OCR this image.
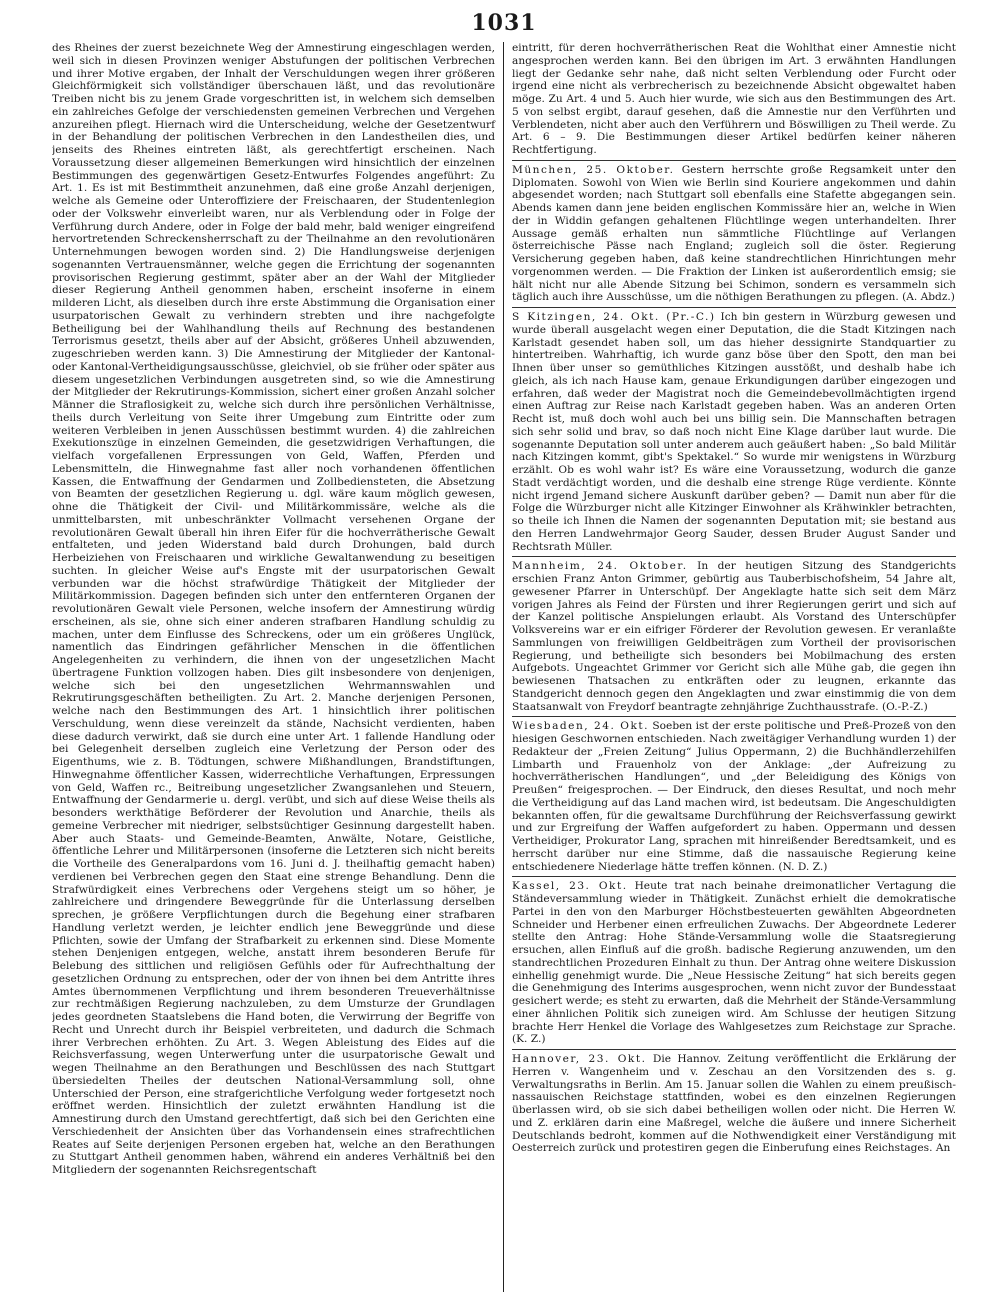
1031

des Rheines der zuerst bezeichnete Weg der Amnestirung eingeschlagen werden, weil sich in diesen Provinzen weniger Abstufungen der politischen Verbrechen und ihrer Motive ergaben, der Inhalt der Verschuldungen wegen ihrer größeren Gleichförmigkeit sich vollständiger überschauen läßt, und das revolutionäre Treiben nicht bis zu jenem Grade vorgeschritten ist, in welchem sich demselben ein zahlreiches Gefolge der verschiedensten gemeinen Verbrechen und Vergehen anzureihen pflegt. Hiernach wird die Unterscheidung, welche der Gesetzentwurf in der Behandlung der politischen Verbrechen in den Landestheilen dies, und jenseits des Rheines eintreten läßt, als gerechtfertigt erscheinen. Nach Voraussetzung dieser allgemeinen Bemerkungen wird hinsichtlich der einzelnen Bestimmungen des gegenwärtigen Gesetz-Entwurfes Folgendes angeführt: Zu Art. 1. Es ist mit Bestimmtheit anzunehmen, daß eine große Anzahl derjenigen, welche als Gemeine oder Unteroffiziere der Freischaaren, der Studentenlegion oder der Volkswehr einverleibt waren, nur als Verblendung oder in Folge der Verführung durch Andere, oder in Folge der bald mehr, bald weniger eingreifend hervortretenden Schreckensherrschaft zu der Theilnahme an den revolutionären Unternehmungen bewogen worden sind. 2) Die Handlungsweise derjenigen sogenannten Vertrauensmänner, welche gegen die Errichtung der sogenannten provisorischen Regierung gestimmt, später aber an der Wahl der Mitglieder dieser Regierung Antheil genommen haben, erscheint insoferne in einem milderen Licht, als dieselben durch ihre erste Abstimmung die Organisation einer usurpatorischen Gewalt zu verhindern strebten und ihre nachgefolgte Betheiligung bei der Wahlhandlung theils auf Rechnung des bestandenen Terrorismus gesetzt, theils aber auf der Absicht, größeres Unheil abzuwenden, zugeschrieben werden kann. 3) Die Amnestirung der Mitglieder der Kantonal- oder Kantonal-Vertheidigungsausschüsse, gleichviel, ob sie früher oder später aus diesem ungesetzlichen Verbindungen ausgetreten sind, so wie die Amnestirung der Mitglieder der Rekrutirungs-Kommission, sichert einer großen Anzahl solcher Männer die Straflosigkeit zu, welche sich durch ihre persönlichen Verhältnisse, theils durch Verleitung von Seite ihrer Umgebung zum Eintritte oder zum weiteren Verbleiben in jenen Ausschüssen bestimmt wurden. 4) die zahlreichen Exekutionszüge in einzelnen Gemeinden, die gesetzwidrigen Verhaftungen, die vielfach vorgefallenen Erpressungen von Geld, Waffen, Pferden und Lebensmitteln, die Hinwegnahme fast aller noch vorhandenen öffentlichen Kassen, die Entwaffnung der Gendarmen und Zollbediensteten, die Absetzung von Beamten der gesetzlichen Regierung u. dgl. wäre kaum möglich gewesen, ohne die Thätigkeit der Civil- und Militärkommissäre, welche als die unmittelbarsten, mit unbeschränkter Vollmacht versehenen Organe der revolutionären Gewalt überall hin ihren Eifer für die hochverrätherische Gewalt entfalteten, und jeden Widerstand bald durch Drohungen, bald durch Herbeiziehen von Freischaaren und wirkliche Gewaltanwendung zu beseitigen suchten. In gleicher Weise auf's Engste mit der usurpatorischen Gewalt verbunden war die höchst strafwürdige Thätigkeit der Mitglieder der Militärkommission. Dagegen befinden sich unter den entfernteren Organen der revolutionären Gewalt viele Personen, welche insofern der Amnestirung würdig erscheinen, als sie, ohne sich einer anderen strafbaren Handlung schuldig zu machen, unter dem Einflusse des Schreckens, oder um ein größeres Unglück, namentlich das Eindringen gefährlicher Menschen in die öffentlichen Angelegenheiten zu verhindern, die ihnen von der ungesetzlichen Macht übertragene Funktion vollzogen haben. Dies gilt insbesondere von denjenigen, welche sich bei den ungesetzlichen Wehrmannswahlen und Rekrutirungsgeschäften betheiligten. Zu Art. 2. Manche derjenigen Personen, welche nach den Bestimmungen des Art. 1 hinsichtlich ihrer politischen Verschuldung, wenn diese vereinzelt da stände, Nachsicht verdienten, haben diese dadurch verwirkt, daß sie durch eine unter Art. 1 fallende Handlung oder bei Gelegenheit derselben zugleich eine Verletzung der Person oder des Eigenthums, wie z. B. Tödtungen, schwere Mißhandlungen, Brandstiftungen, Hinwegnahme öffentlicher Kassen, widerrechtliche Verhaftungen, Erpressungen von Geld, Waffen rc., Beitreibung ungesetzlicher Zwangsanlehen und Steuern, Entwaffnung der Gendarmerie u. dergl. verübt, und sich auf diese Weise theils als besonders werkthätige Beförderer der Revolution und Anarchie, theils als gemeine Verbrecher mit niedriger, selbstsüchtiger Gesinnung dargestellt haben. Aber auch Staats- und Gemeinde-Beamten, Anwälte, Notare, Geistliche, öffentliche Lehrer und Militärpersonen (insoferne die Letzteren sich nicht bereits die Vortheile des Generalpardons vom 16. Juni d. J. theilhaftig gemacht haben) verdienen bei Verbrechen gegen den Staat eine strenge Behandlung. Denn die Strafwürdigkeit eines Verbrechens oder Vergehens steigt um so höher, je zahlreichere und dringendere Beweggründe für die Unterlassung derselben sprechen, je größere Verpflichtungen durch die Begehung einer strafbaren Handlung verletzt werden, je leichter endlich jene Beweggründe und diese Pflichten, sowie der Umfang der Strafbarkeit zu erkennen sind. Diese Momente stehen Denjenigen entgegen, welche, anstatt ihrem besonderen Berufe für Belebung des sittlichen und religiösen Gefühls oder für Aufrechthaltung der gesetzlichen Ordnung zu entsprechen, oder der von ihnen bei dem Antritte ihres Amtes übernommenen Verpflichtung und ihrem besonderen Treueverhältnisse zur rechtmäßigen Regierung nachzuleben, zu dem Umsturze der Grundlagen jedes geordneten Staatslebens die Hand boten, die Verwirrung der Begriffe von Recht und Unrecht durch ihr Beispiel verbreiteten, und dadurch die Schmach ihrer Verbrechen erhöhten. Zu Art. 3. Wegen Ableistung des Eides auf die Reichsverfassung, wegen Unterwerfung unter die usurpatorische Gewalt und wegen Theilnahme an den Berathungen und Beschlüssen des nach Stuttgart übersiedelten Theiles der deutschen National-Versammlung soll, ohne Unterschied der Person, eine strafgerichtliche Verfolgung weder fortgesetzt noch eröffnet werden. Hinsichtlich der zuletzt erwähnten Handlung ist die Amnestirung durch den Umstand gerechtfertigt, daß sich bei den Gerichten eine Verschiedenheit der Ansichten über das Vorhandensein eines strafrechtlichen Reates auf Seite derjenigen Personen ergeben hat, welche an den Berathungen zu Stuttgart Antheil genommen haben, während ein anderes Verhältniß bei den Mitgliedern der sogenannten Reichsregentschaft

eintritt, für deren hochverrätherischen Reat die Wohlthat einer Amnestie nicht angesprochen werden kann. Bei den übrigen im Art. 3 erwähnten Handlungen liegt der Gedanke sehr nahe, daß nicht selten Verblendung oder Furcht oder irgend eine nicht als verbrecherisch zu bezeichnende Absicht obgewaltet haben möge. Zu Art. 4 und 5. Auch hier wurde, wie sich aus den Bestimmungen des Art. 5 von selbst ergibt, darauf gesehen, daß die Amnestie nur den Verführten und Verblendeten, nicht aber auch den Verführern und Böswilligen zu Theil werde. Zu Art. 6 – 9. Die Bestimmungen dieser Artikel bedürfen keiner näheren Rechtfertigung.

München, 25. Oktober. Gestern herrschte große Regsamkeit unter den Diplomaten. Sowohl von Wien wie Berlin sind Kouriere angekommen und dahin abgesendet worden; nach Stuttgart soll ebenfalls eine Stafette abgegangen sein. Abends kamen dann jene beiden englischen Kommissäre hier an, welche in Wien der in Widdin gefangen gehaltenen Flüchtlinge wegen unterhandelten. Ihrer Aussage gemäß erhalten nun sämmtliche Flüchtlinge auf Verlangen österreichische Pässe nach England; zugleich soll die öster. Regierung Versicherung gegeben haben, daß keine standrechtlichen Hinrichtungen mehr vorgenommen werden. — Die Fraktion der Linken ist außerordentlich emsig; sie hält nicht nur alle Abende Sitzung bei Schimon, sondern es versammeln sich täglich auch ihre Ausschüsse, um die nöthigen Berathungen zu pflegen. (A. Abdz.)

S Kitzingen, 24. Okt. (Pr.-C.) Ich bin gestern in Würzburg gewesen und wurde überall ausgelacht wegen einer Deputation, die die Stadt Kitzingen nach Karlstadt gesendet haben soll, um das hieher dessignirte Standquartier zu hintertreiben. Wahrhaftig, ich wurde ganz böse über den Spott, den man bei Ihnen über unser so gemüthliches Kitzingen ausstößt, und deshalb habe ich gleich, als ich nach Hause kam, genaue Erkundigungen darüber eingezogen und erfahren, daß weder der Magistrat noch die Gemeindebevollmächtigten irgend einen Auftrag zur Reise nach Karlstadt gegeben haben. Was an anderen Orten Recht ist, muß doch wohl auch bei uns billig sein. Die Mannschaften betragen sich sehr solid und brav, so daß noch nicht Eine Klage darüber laut wurde. Die sogenannte Deputation soll unter anderem auch geäußert haben: „So bald Militär nach Kitzingen kommt, gibt's Spektakel.“ So wurde mir wenigstens in Würzburg erzählt. Ob es wohl wahr ist? Es wäre eine Voraussetzung, wodurch die ganze Stadt verdächtigt worden, und die deshalb eine strenge Rüge verdiente. Könnte nicht irgend Jemand sichere Auskunft darüber geben? — Damit nun aber für die Folge die Würzburger nicht alle Kitzinger Einwohner als Krähwinkler betrachten, so theile ich Ihnen die Namen der sogenannten Deputation mit; sie bestand aus den Herren Landwehrmajor Georg Sauder, dessen Bruder August Sander und Rechtsrath Müller.

Mannheim, 24. Oktober. In der heutigen Sitzung des Standgerichts erschien Franz Anton Grimmer, gebürtig aus Tauberbischofsheim, 54 Jahre alt, gewesener Pfarrer in Unterschüpf. Der Angeklagte hatte sich seit dem März vorigen Jahres als Feind der Fürsten und ihrer Regierungen gerirt und sich auf der Kanzel politische Anspielungen erlaubt. Als Vorstand des Unterschüpfer Volksvereins war er ein eifriger Förderer der Revolution gewesen. Er veranlaßte Sammlungen von freiwilligen Geldbeiträgen zum Vortheil der provisorischen Regierung, und betheiligte sich besonders bei Mobilmachung des ersten Aufgebots. Ungeachtet Grimmer vor Gericht sich alle Mühe gab, die gegen ihn bewiesenen Thatsachen zu entkräften oder zu leugnen, erkannte das Standgericht dennoch gegen den Angeklagten und zwar einstimmig die von dem Staatsanwalt von Freydorf beantragte zehnjährige Zuchthausstrafe. (O.-P.-Z.)

Wiesbaden, 24. Okt. Soeben ist der erste politische und Preß-Prozeß von den hiesigen Geschwornen entschieden. Nach zweitägiger Verhandlung wurden 1) der Redakteur der „Freien Zeitung“ Julius Oppermann, 2) die Buchhändlerzehilfen Limbarth und Frauenholz von der Anklage: „der Aufreizung zu hochverrätherischen Handlungen“, und „der Beleidigung des Königs von Preußen“ freigesprochen. — Der Eindruck, den dieses Resultat, und noch mehr die Vertheidigung auf das Land machen wird, ist bedeutsam. Die Angeschuldigten bekannten offen, für die gewaltsame Durchführung der Reichsverfassung gewirkt und zur Ergreifung der Waffen aufgefordert zu haben. Oppermann und dessen Vertheidiger, Prokurator Lang, sprachen mit hinreißender Beredtsamkeit, und es herrscht darüber nur eine Stimme, daß die nassauische Regierung keine entschiedenere Niederlage hätte treffen können. (N. D. Z.)

Kassel, 23. Okt. Heute trat nach beinahe dreimonatlicher Vertagung die Ständeversammlung wieder in Thätigkeit. Zunächst erhielt die demokratische Partei in den von den Marburger Höchstbesteuerten gewählten Abgeordneten Schneider und Herbener einen erfreulichen Zuwachs. Der Abgeordnete Lederer stellte den Antrag: Hohe Stände-Versammlung wolle die Staatsregierung ersuchen, allen Einfluß auf die großh. badische Regierung anzuwenden, um den standrechtlichen Prozeduren Einhalt zu thun. Der Antrag ohne weitere Diskussion einhellig genehmigt wurde. Die „Neue Hessische Zeitung“ hat sich bereits gegen die Genehmigung des Interims ausgesprochen, wenn nicht zuvor der Bundesstaat gesichert werde; es steht zu erwarten, daß die Mehrheit der Stände-Versammlung einer ähnlichen Politik sich zuneigen wird. Am Schlusse der heutigen Sitzung brachte Herr Henkel die Vorlage des Wahlgesetzes zum Reichstage zur Sprache. (K. Z.)

Hannover, 23. Okt. Die Hannov. Zeitung veröffentlicht die Erklärung der Herren v. Wangenheim und v. Zeschau an den Vorsitzenden des s. g. Verwaltungsraths in Berlin. Am 15. Januar sollen die Wahlen zu einem preußisch-nassauischen Reichstage stattfinden, wobei es den einzelnen Regierungen überlassen wird, ob sie sich dabei betheiligen wollen oder nicht. Die Herren W. und Z. erklären darin eine Maßregel, welche die äußere und innere Sicherheit Deutschlands bedroht, kommen auf die Nothwendigkeit einer Verständigung mit Oesterreich zurück und protestiren gegen die Einberufung eines Reichstages. An
